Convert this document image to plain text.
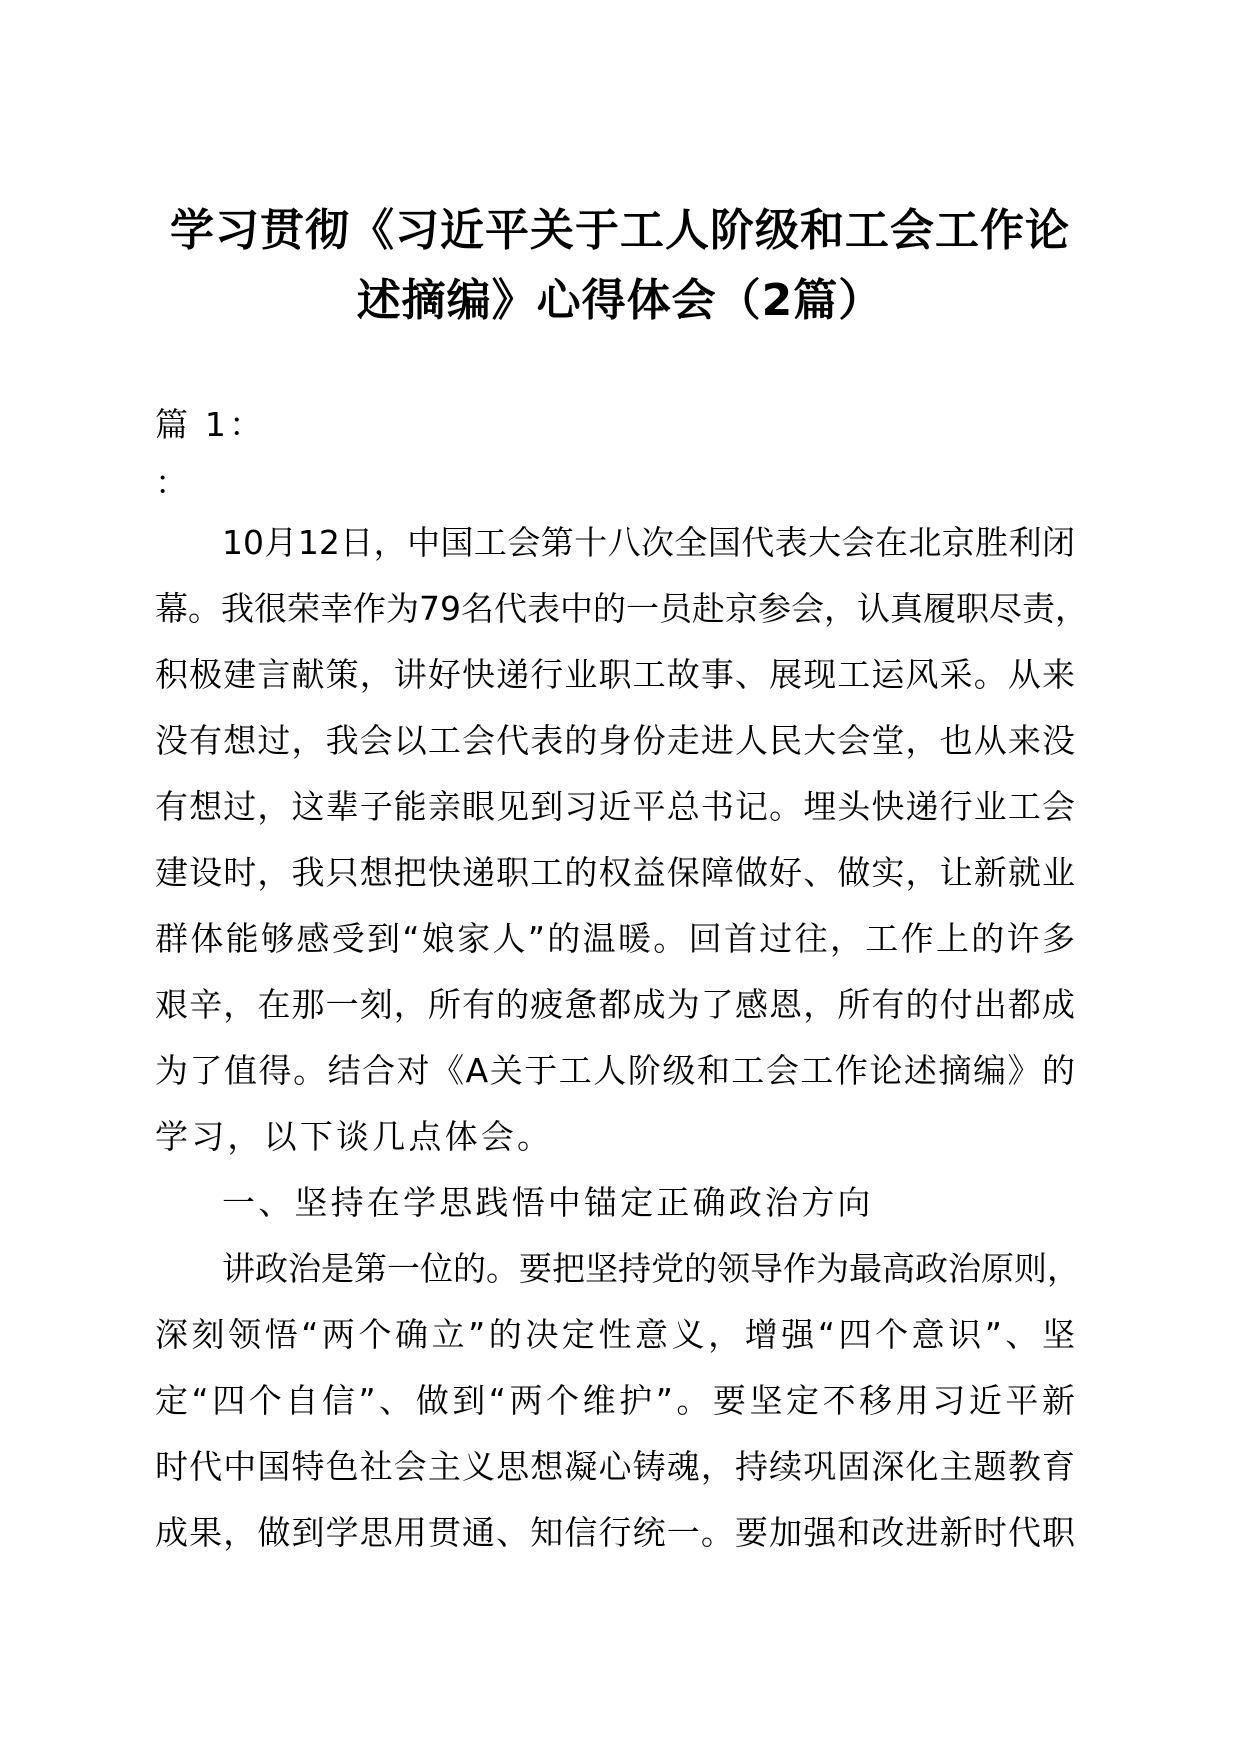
学习贯彻《习近平关于工人阶级和工会工作论
述摘编》心得体会（2篇）
篇 1：
：
10月12日，中国工会第十八次全国代表大会在北京胜利闭
幕。我很荣幸作为79名代表中的一员赴京参会，认真履职尽责，
积极建言献策，讲好快递行业职工故事、展现工运风采。从来
没有想过，我会以工会代表的身份走进人民大会堂，也从来没
有想过，这辈子能亲眼见到习近平总书记。埋头快递行业工会
建设时，我只想把快递职工的权益保障做好、做实，让新就业
群体能够感受到“娘家人”的温暖。回首过往，工作上的许多
艰辛，在那一刻，所有的疲惫都成为了感恩，所有的付出都成
为了值得。结合对《A关于工人阶级和工会工作论述摘编》的
学习，以下谈几点体会。
一、坚持在学思践悟中锚定正确政治方向
讲政治是第一位的。要把坚持党的领导作为最高政治原则，
深刻领悟“两个确立”的决定性意义，增强“四个意识”、坚
定“四个自信”、做到“两个维护”。要坚定不移用习近平新
时代中国特色社会主义思想凝心铸魂，持续巩固深化主题教育
成果，做到学思用贯通、知信行统一。要加强和改进新时代职
